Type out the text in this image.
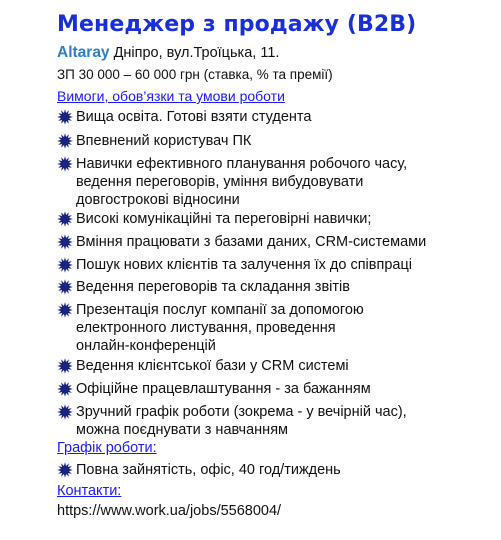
Менеджер з продажу (B2B)
Altaray Дніпро, вул.Троїцька, 11.
ЗП 30 000 – 60 000 грн (ставка, % та премії)
Вимоги, обов’язки та умови роботи
Вища освіта. Готові взяти студента
Впевнений користувач ПК
Навички ефективного планування робочого часу,
ведення переговорів, уміння вибудовувати
довгострокові відносини
Високі комунікаційні та переговірні навички;
Вміння працювати з базами даних, CRM-системами
Пошук нових клієнтів та залучення їх до співпраці
Ведення переговорів та складання звітів
Презентація послуг компанії за допомогою
електронного листування, проведення
онлайн-конференцій
Ведення клієнтської бази у CRM системі
Офіційне працевлаштування - за бажанням
Зручний графік роботи (зокрема - у вечірній час),
можна поєднувати з навчанням
Графік роботи:
Повна зайнятість, офіс, 40 год/тиждень
Контакти:
https://www.work.ua/jobs/5568004/
